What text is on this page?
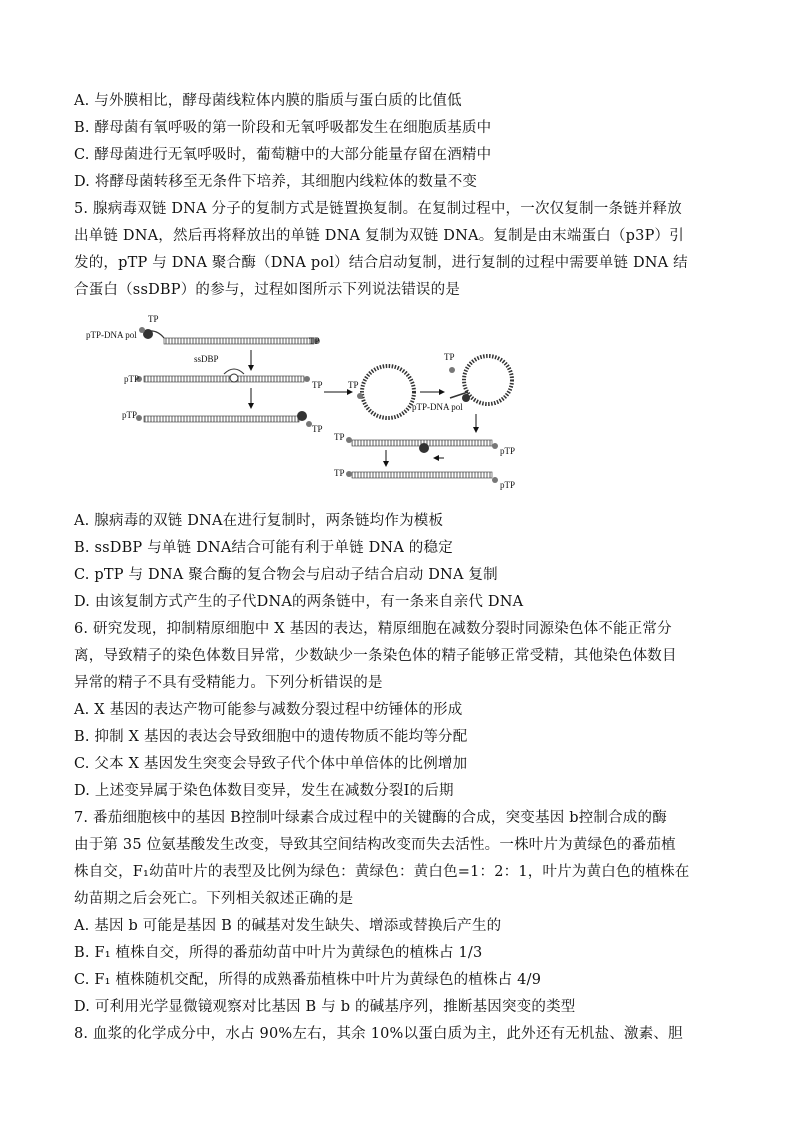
A. 与外膜相比，酵母菌线粒体内膜的脂质与蛋白质的比值低
B. 酵母菌有氧呼吸的第一阶段和无氧呼吸都发生在细胞质基质中
C. 酵母菌进行无氧呼吸时，葡萄糖中的大部分能量存留在酒精中
D. 将酵母菌转移至无条件下培养，其细胞内线粒体的数量不变
5. 腺病毒双链 DNA 分子的复制方式是链置换复制。在复制过程中，一次仅复制一条链并释放
出单链 DNA，然后再将释放出的单链 DNA 复制为双链 DNA。复制是由末端蛋白（p3P）引
发的，pTP 与 DNA 聚合酶（DNA pol）结合启动复制，进行复制的过程中需要单链 DNA 结
合蛋白（ssDBP）的参与，过程如图所示下列说法错误的是
TP
pTP-DNA pol
TP
ssDBP
pTP
TP
pTP
TP
TP
TP
pTP-DNA pol
TP
pTP
TP
pTP
A. 腺病毒的双链 DNA在进行复制时，两条链均作为模板
B. ssDBP 与单链 DNA结合可能有利于单链 DNA 的稳定
C. pTP 与 DNA 聚合酶的复合物会与启动子结合启动 DNA 复制
D. 由该复制方式产生的子代DNA的两条链中，有一条来自亲代 DNA
6. 研究发现，抑制精原细胞中 X 基因的表达，精原细胞在减数分裂时同源染色体不能正常分
离，导致精子的染色体数目异常，少数缺少一条染色体的精子能够正常受精，其他染色体数目
异常的精子不具有受精能力。下列分析错误的是
A. X 基因的表达产物可能参与减数分裂过程中纺锤体的形成
B. 抑制 X 基因的表达会导致细胞中的遗传物质不能均等分配
C. 父本 X 基因发生突变会导致子代个体中单倍体的比例增加
D. 上述变异属于染色体数目变异，发生在减数分裂I的后期
7. 番茄细胞核中的基因 B控制叶绿素合成过程中的关键酶的合成，突变基因 b控制合成的酶
由于第 35 位氨基酸发生改变，导致其空间结构改变而失去活性。一株叶片为黄绿色的番茄植
株自交，F₁幼苗叶片的表型及比例为绿色：黄绿色：黄白色=1：2：1，叶片为黄白色的植株在
幼苗期之后会死亡。下列相关叙述正确的是
A. 基因 b 可能是基因 B 的碱基对发生缺失、增添或替换后产生的
B. F₁ 植株自交，所得的番茄幼苗中叶片为黄绿色的植株占 1/3
C. F₁ 植株随机交配，所得的成熟番茄植株中叶片为黄绿色的植株占 4/9
D. 可利用光学显微镜观察对比基因 B 与 b 的碱基序列，推断基因突变的类型
8. 血浆的化学成分中，水占 90%左右，其余 10%以蛋白质为主，此外还有无机盐、激素、胆
